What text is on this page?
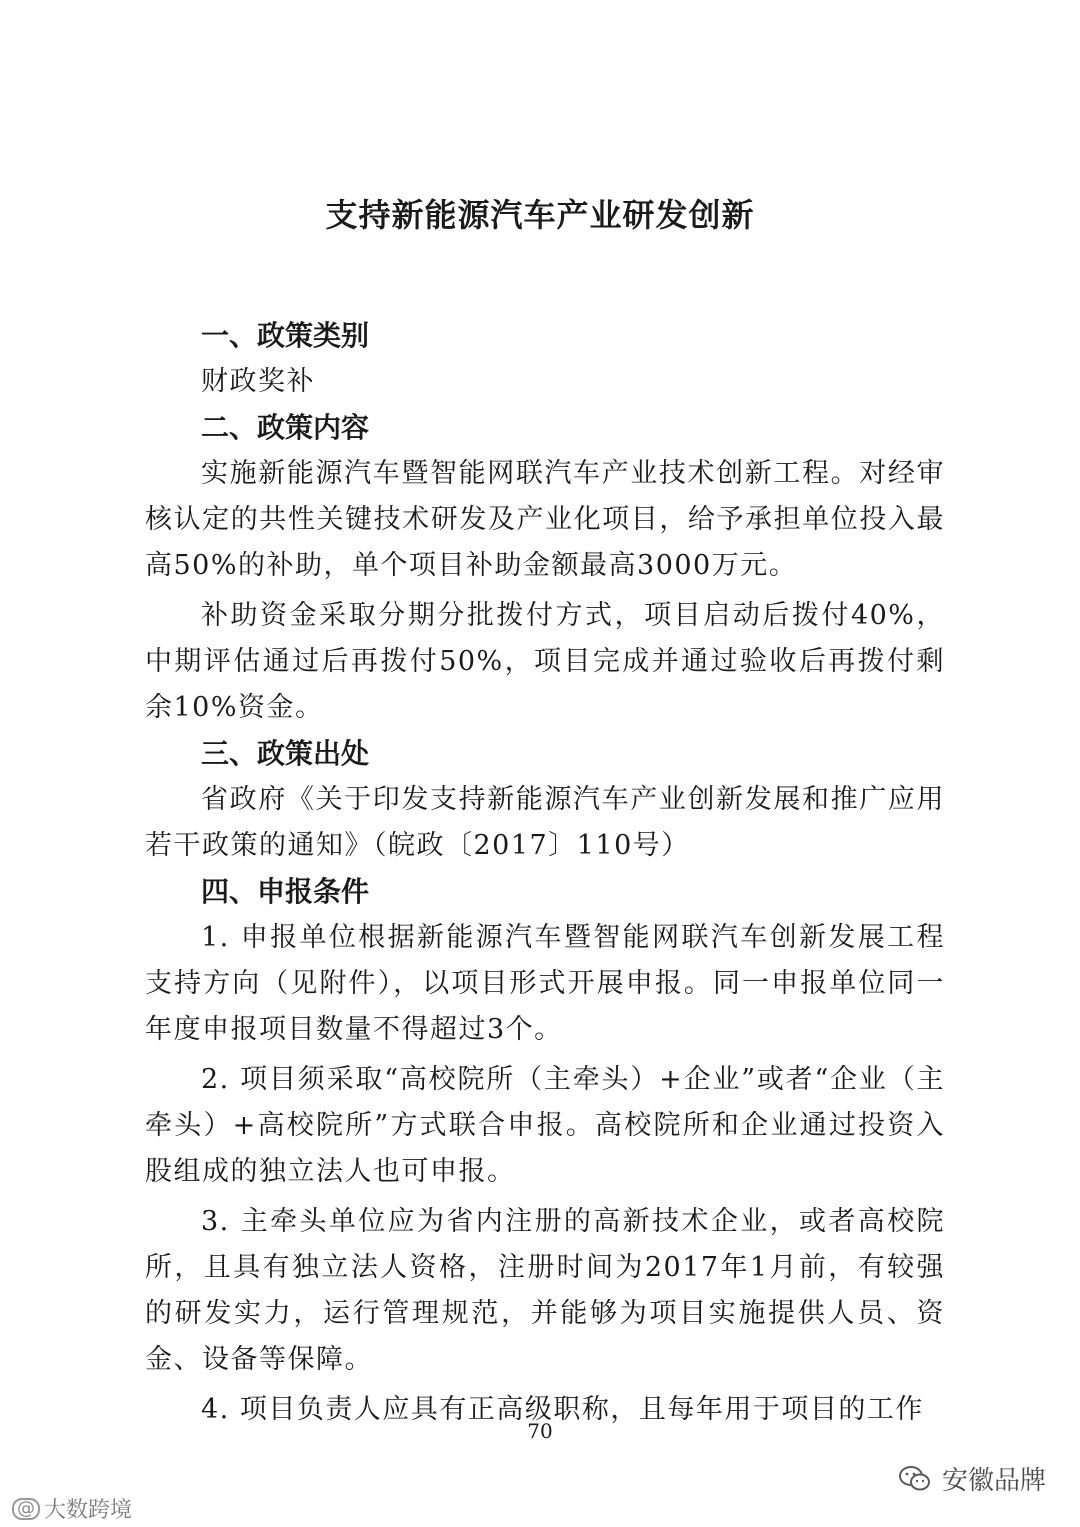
支持新能源汽车产业研发创新
一、政策类别
财政奖补
二、政策内容
实施新能源汽车暨智能网联汽车产业技术创新工程。对经审核认定的共性关键技术研发及产业化项目，给予承担单位投入最高50%的补助，单个项目补助金额最高3000万元。
补助资金采取分期分批拨付方式，项目启动后拨付40%，中期评估通过后再拨付50%，项目完成并通过验收后再拨付剩余10%资金。
三、政策出处
省政府《关于印发支持新能源汽车产业创新发展和推广应用若干政策的通知》（皖政〔2017〕110号）
四、申报条件
1. 申报单位根据新能源汽车暨智能网联汽车创新发展工程支持方向（见附件），以项目形式开展申报。同一申报单位同一年度申报项目数量不得超过3个。
2. 项目须采取“高校院所（主牵头）+企业”或者“企业（主牵头）+高校院所”方式联合申报。高校院所和企业通过投资入股组成的独立法人也可申报。
3. 主牵头单位应为省内注册的高新技术企业，或者高校院所，且具有独立法人资格，注册时间为2017年1月前，有较强的研发实力，运行管理规范，并能够为项目实施提供人员、资金、设备等保障。
4. 项目负责人应具有正高级职称，且每年用于项目的工作
70
@ 大数跨境
安徽品牌
